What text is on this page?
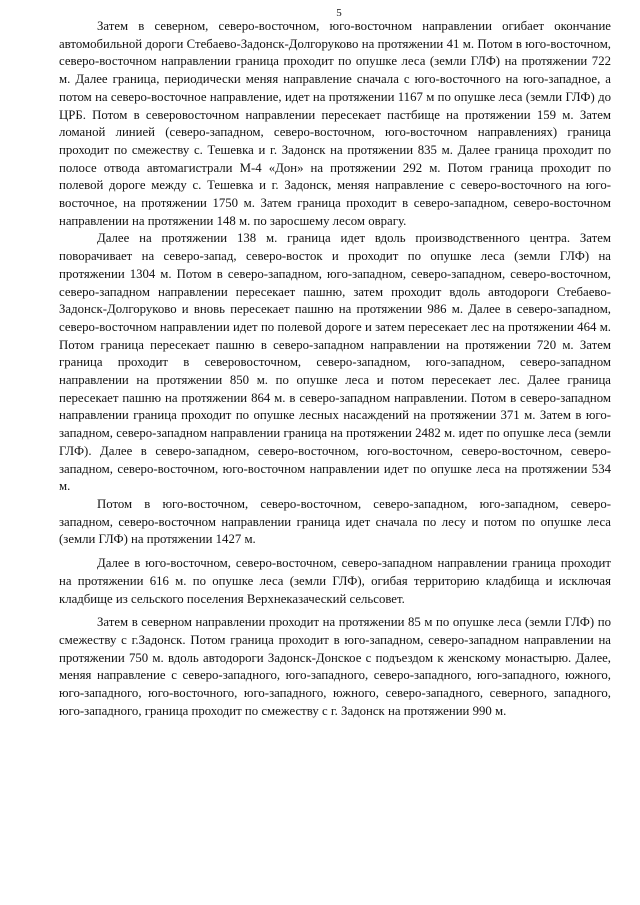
5

Затем в северном, северо-восточном, юго-восточном направлении огибает окончание автомобильной дороги Стебаево-Задонск-Долгоруково на протяжении 41 м. Потом в юго-восточном, северо-восточном направлении граница проходит по опушке леса (земли ГЛФ) на протяжении 722 м. Далее граница, периодически меняя направление сначала с юго-восточного на юго-западное, а потом на северо-восточное направление, идет на протяжении 1167 м по опушке леса (земли ГЛФ) до ЦРБ. Потом в северовосточном направлении пересекает пастбище на протяжении 159 м. Затем ломаной линией (северо-западном, северо-восточном, юго-восточном направлениях) граница проходит по смежеству с. Тешевка и г. Задонск на протяжении 835 м. Далее граница проходит по полосе отвода автомагистрали М-4 «Дон» на протяжении 292 м. Потом граница проходит по полевой дороге между с. Тешевка и г. Задонск, меняя направление с северо-восточного на юго-восточное, на протяжении 1750 м. Затем граница проходит в северо-западном, северо-восточном направлении на протяжении 148 м. по заросшему лесом оврагу.

Далее на протяжении 138 м. граница идет вдоль производственного центра. Затем поворачивает на северо-запад, северо-восток и проходит по опушке леса (земли ГЛФ) на протяжении 1304 м. Потом в северо-западном, юго-западном, северо-западном, северо-восточном, северо-западном направлении пересекает пашню, затем проходит вдоль автодороги Стебаево-Задонск-Долгоруково и вновь пересекает пашню на протяжении 986 м. Далее в северо-западном, северо-восточном направлении идет по полевой дороге и затем пересекает лес на протяжении 464 м. Потом граница пересекает пашню в северо-западном направлении на протяжении 720 м. Затем граница проходит в северовосточном, северо-западном, юго-западном, северо-западном направлении на протяжении 850 м. по опушке леса и потом пересекает лес. Далее граница пересекает пашню на протяжении 864 м. в северо-западном направлении. Потом в северо-западном направлении граница проходит по опушке лесных насаждений на протяжении 371 м. Затем в юго-западном, северо-западном направлении граница на протяжении 2482 м. идет по опушке леса (земли ГЛФ). Далее в северо-западном, северо-восточном, юго-восточном, северо-восточном, северо-западном, северо-восточном, юго-восточном направлении идет по опушке леса на протяжении 534 м.

Потом в юго-восточном, северо-восточном, северо-западном, юго-западном, северо-западном, северо-восточном направлении граница идет сначала по лесу и потом по опушке леса (земли ГЛФ) на протяжении 1427 м.

Далее в юго-восточном, северо-восточном, северо-западном направлении граница проходит на протяжении 616 м. по опушке леса (земли ГЛФ), огибая территорию кладбища и исключая кладбище из сельского поселения Верхнеказаческий сельсовет.

Затем в северном направлении проходит на протяжении 85 м по опушке леса (земли ГЛФ) по смежеству с г.Задонск. Потом граница проходит в юго-западном, северо-западном направлении на протяжении 750 м. вдоль автодороги Задонск-Донское с подъездом к женскому монастырю. Далее, меняя направление с северо-западного, юго-западного, северо-западного, юго-западного, южного, юго-западного, юго-восточного, юго-западного, южного, северо-западного, северного, западного, юго-западного, граница проходит по смежеству с г. Задонск на протяжении 990 м.
